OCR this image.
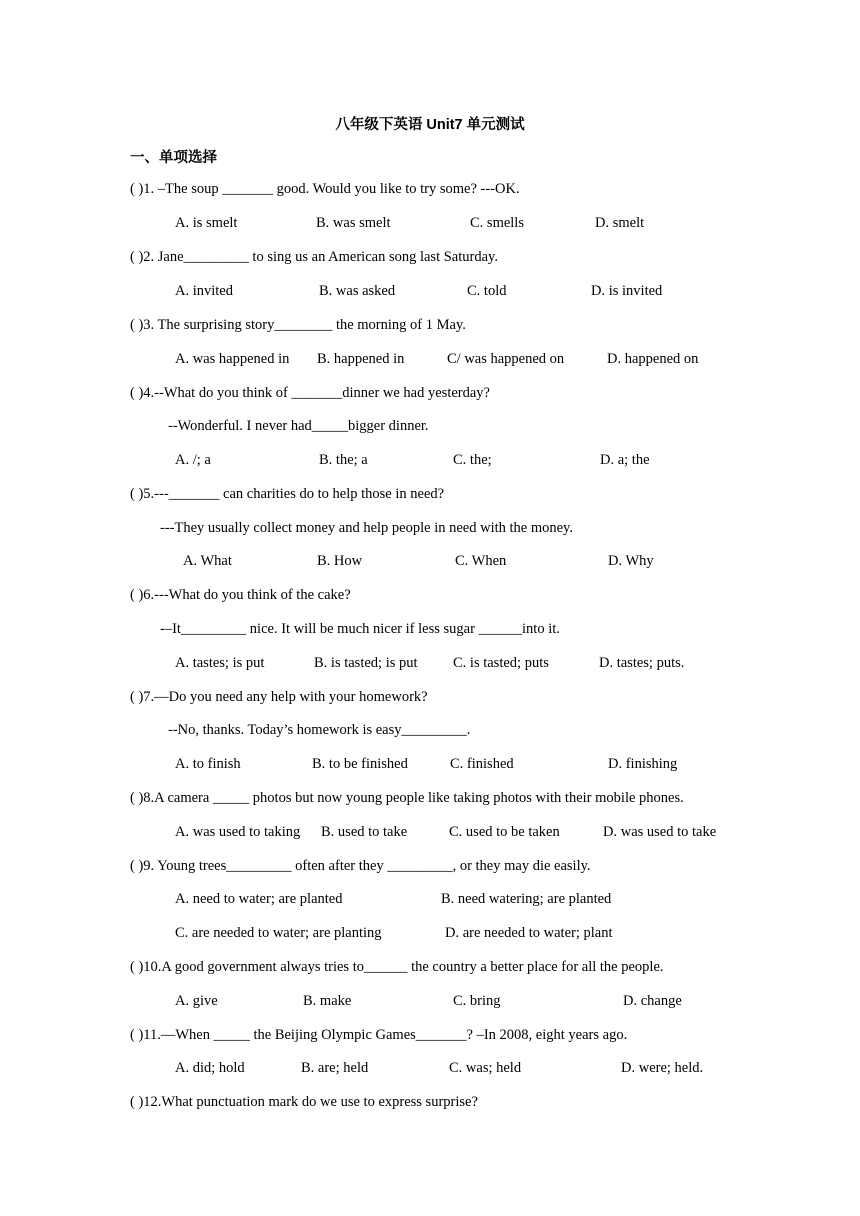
八年级下英语 Unit7 单元测试
一、单项选择
( )1. –The soup _______ good. Would you like to try some? ---OK.
A. is smelt	B. was smelt	C. smells	D. smelt
( )2. Jane_________ to sing us an American song last Saturday.
A. invited	B. was asked	C. told	D. is invited
( )3. The surprising story________ the morning of 1 May.
A. was happened in B. happened in	C/ was happened on	D. happened on
( )4.--What do you think of _______dinner we had yesterday?
--Wonderful. I never had_____bigger dinner.
A. /; a	B. the; a	C. the;	D. a; the
( )5.---_______ can charities do to help those in need?
---They usually collect money and help people in need with the money.
A. What	B. How	C. When	D. Why
( )6.---What do you think of the cake?
-–It_________ nice. It will be much nicer if less sugar ______into it.
A. tastes; is put	B. is tasted; is put C. is tasted; puts	D. tastes; puts.
( )7.—Do you need any help with your homework?
--No, thanks. Today’s homework is easy_________.
A. to finish	B. to be finished	C. finished	D. finishing
( )8.A camera _____ photos but now young people like taking photos with their mobile phones.
A. was used to taking B. used to take	C. used to be taken	D. was used to take
( )9. Young trees_________ often after they _________, or they may die easily.
A. need to water; are planted	B. need watering; are planted
C. are needed to water; are planting	D. are needed to water; plant
( )10.A good government always tries to______ the country a better place for all the people.
A. give	B. make	C. bring	D. change
( )11.—When _____ the Beijing Olympic Games_______? –In 2008, eight years ago.
A. did; hold	B. are; held	C. was; held	D. were; held.
( )12.What punctuation mark do we use to express surprise?
